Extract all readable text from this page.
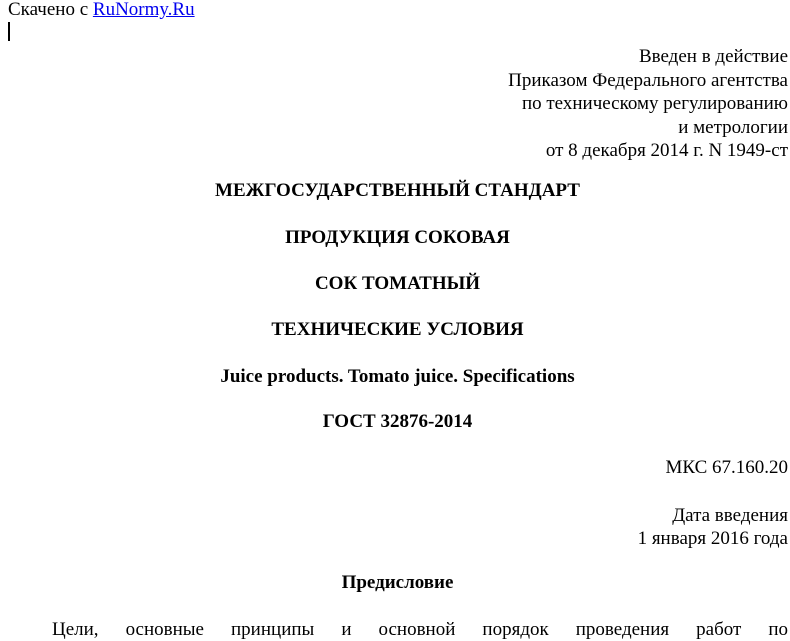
Скачено с RuNormy.Ru
Введен в действие
Приказом Федерального агентства
по техническому регулированию
и метрологии
от 8 декабря 2014 г. N 1949-ст
МЕЖГОСУДАРСТВЕННЫЙ СТАНДАРТ
ПРОДУКЦИЯ СОКОВАЯ
СОК ТОМАТНЫЙ
ТЕХНИЧЕСКИЕ УСЛОВИЯ
Juice products. Tomato juice. Specifications
ГОСТ 32876-2014
МКС 67.160.20
Дата введения
1 января 2016 года
Предисловие
Цели, основные принципы и основной порядок проведения работ по
